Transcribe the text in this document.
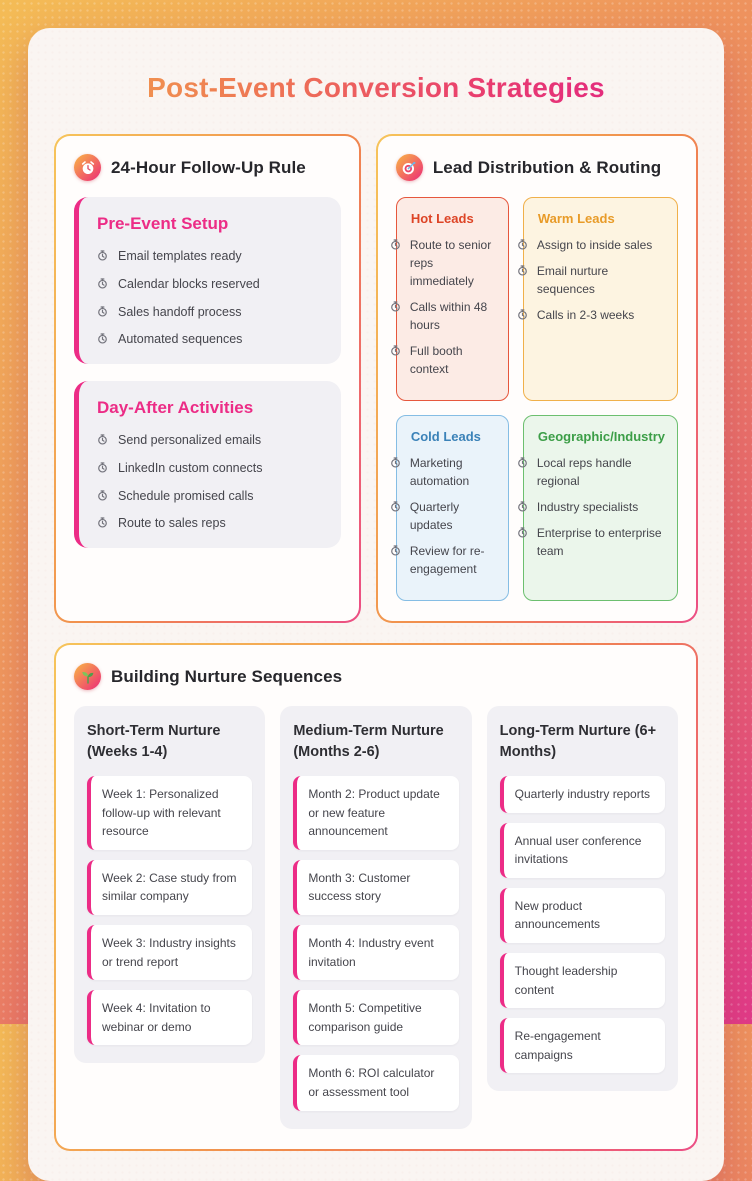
Post-Event Conversion Strategies
24-Hour Follow-Up Rule
Pre-Event Setup
Email templates ready
Calendar blocks reserved
Sales handoff process
Automated sequences
Day-After Activities
Send personalized emails
LinkedIn custom connects
Schedule promised calls
Route to sales reps
Lead Distribution & Routing
Hot Leads
Route to senior reps immediately
Calls within 48 hours
Full booth context
Warm Leads
Assign to inside sales
Email nurture sequences
Calls in 2-3 weeks
Cold Leads
Marketing automation
Quarterly updates
Review for re-engagement
Geographic/Industry
Local reps handle regional
Industry specialists
Enterprise to enterprise team
Building Nurture Sequences
Short-Term Nurture (Weeks 1-4)
Week 1: Personalized follow-up with relevant resource
Week 2: Case study from similar company
Week 3: Industry insights or trend report
Week 4: Invitation to webinar or demo
Medium-Term Nurture (Months 2-6)
Month 2: Product update or new feature announcement
Month 3: Customer success story
Month 4: Industry event invitation
Month 5: Competitive comparison guide
Month 6: ROI calculator or assessment tool
Long-Term Nurture (6+ Months)
Quarterly industry reports
Annual user conference invitations
New product announcements
Thought leadership content
Re-engagement campaigns
